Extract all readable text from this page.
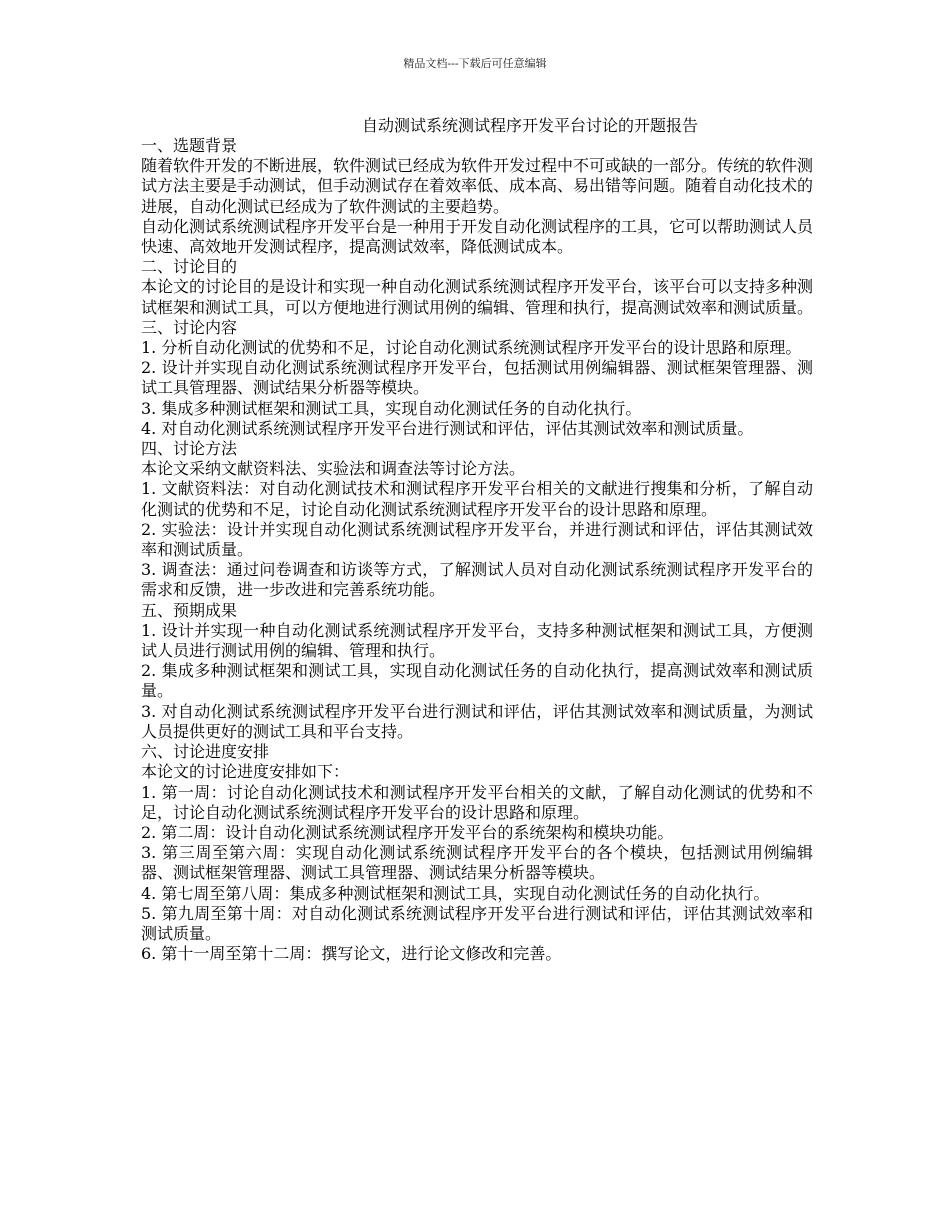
精品文档---下载后可任意编辑
自动测试系统测试程序开发平台讨论的开题报告

一、选题背景

随着软件开发的不断进展，软件测试已经成为软件开发过程中不可或缺的一部分。传统的软件测试方法主要是手动测试，但手动测试存在着效率低、成本高、易出错等问题。随着自动化技术的进展，自动化测试已经成为了软件测试的主要趋势。

自动化测试系统测试程序开发平台是一种用于开发自动化测试程序的工具，它可以帮助测试人员快速、高效地开发测试程序，提高测试效率，降低测试成本。

二、讨论目的

本论文的讨论目的是设计和实现一种自动化测试系统测试程序开发平台，该平台可以支持多种测试框架和测试工具，可以方便地进行测试用例的编辑、管理和执行，提高测试效率和测试质量。

三、讨论内容

1. 分析自动化测试的优势和不足，讨论自动化测试系统测试程序开发平台的设计思路和原理。

2. 设计并实现自动化测试系统测试程序开发平台，包括测试用例编辑器、测试框架管理器、测试工具管理器、测试结果分析器等模块。

3. 集成多种测试框架和测试工具，实现自动化测试任务的自动化执行。

4. 对自动化测试系统测试程序开发平台进行测试和评估，评估其测试效率和测试质量。

四、讨论方法

本论文采纳文献资料法、实验法和调查法等讨论方法。

1. 文献资料法：对自动化测试技术和测试程序开发平台相关的文献进行搜集和分析，了解自动化测试的优势和不足，讨论自动化测试系统测试程序开发平台的设计思路和原理。

2. 实验法：设计并实现自动化测试系统测试程序开发平台，并进行测试和评估，评估其测试效率和测试质量。

3. 调查法：通过问卷调查和访谈等方式，了解测试人员对自动化测试系统测试程序开发平台的需求和反馈，进一步改进和完善系统功能。

五、预期成果

1. 设计并实现一种自动化测试系统测试程序开发平台，支持多种测试框架和测试工具，方便测试人员进行测试用例的编辑、管理和执行。

2. 集成多种测试框架和测试工具，实现自动化测试任务的自动化执行，提高测试效率和测试质量。

3. 对自动化测试系统测试程序开发平台进行测试和评估，评估其测试效率和测试质量，为测试人员提供更好的测试工具和平台支持。

六、讨论进度安排

本论文的讨论进度安排如下：

1. 第一周：讨论自动化测试技术和测试程序开发平台相关的文献，了解自动化测试的优势和不足，讨论自动化测试系统测试程序开发平台的设计思路和原理。

2. 第二周：设计自动化测试系统测试程序开发平台的系统架构和模块功能。

3. 第三周至第六周：实现自动化测试系统测试程序开发平台的各个模块，包括测试用例编辑器、测试框架管理器、测试工具管理器、测试结果分析器等模块。

4. 第七周至第八周：集成多种测试框架和测试工具，实现自动化测试任务的自动化执行。

5. 第九周至第十周：对自动化测试系统测试程序开发平台进行测试和评估，评估其测试效率和测试质量。

6. 第十一周至第十二周：撰写论文，进行论文修改和完善。
